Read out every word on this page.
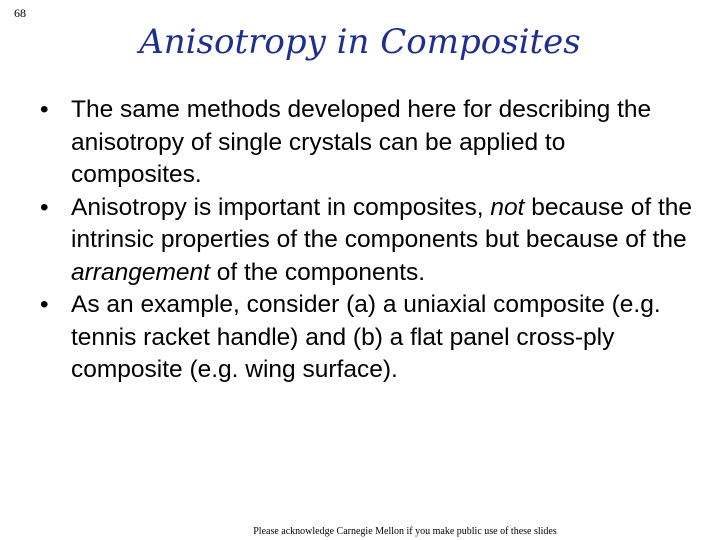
68
Anisotropy in Composites
• The same methods developed here for describing the anisotropy of single crystals can be applied to composites.
• Anisotropy is important in composites, not because of the intrinsic properties of the components but because of the arrangement of the components.
• As an example, consider (a) a uniaxial composite (e.g. tennis racket handle) and (b) a flat panel cross-ply composite (e.g. wing surface).
Please acknowledge Carnegie Mellon if you make public use of these slides
